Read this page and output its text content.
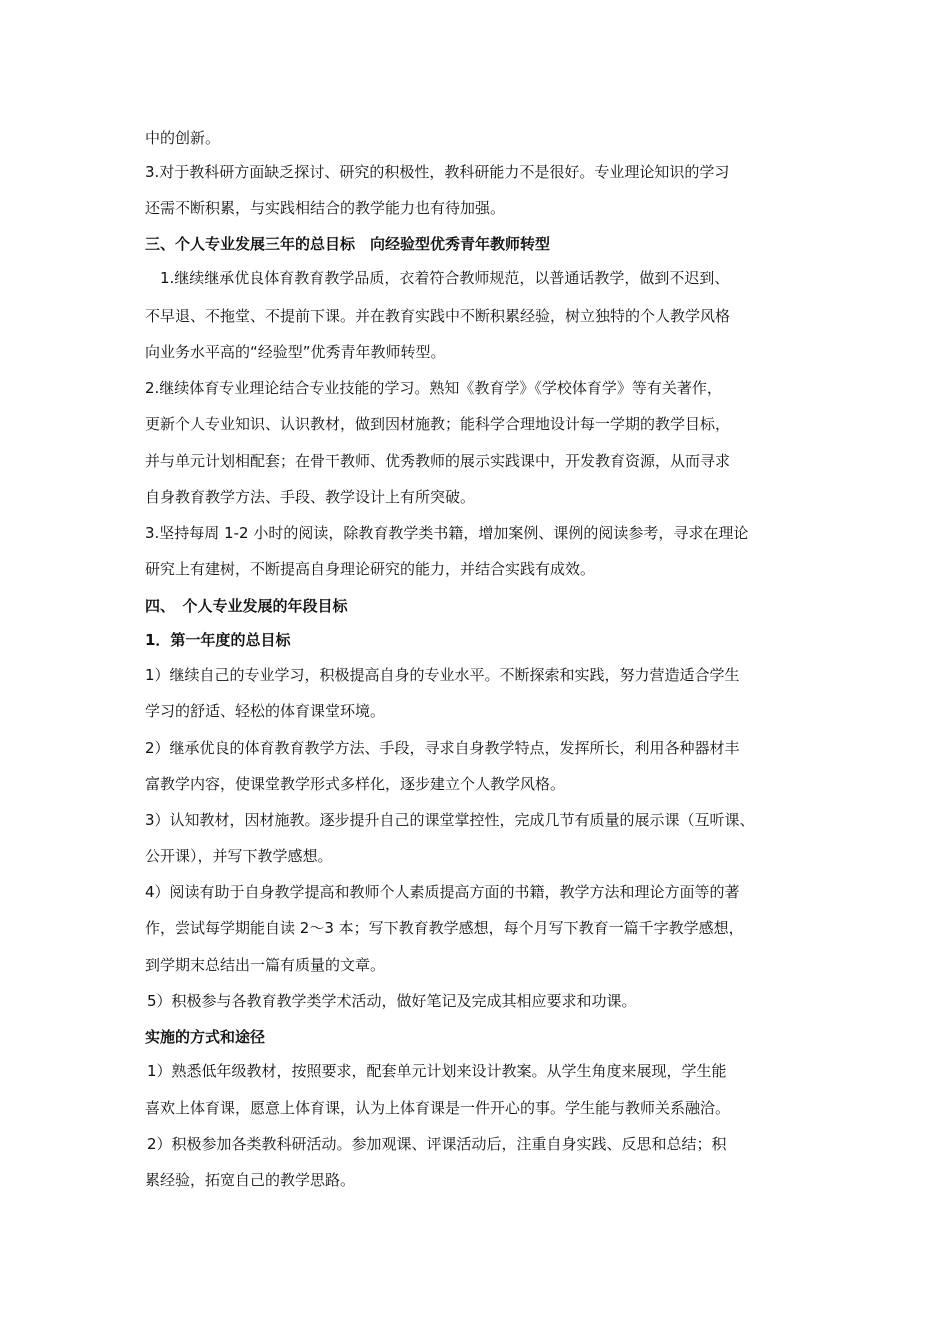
中的创新。
3.对于教科研方面缺乏探讨、研究的积极性，教科研能力不是很好。专业理论知识的学习
还需不断积累，与实践相结合的教学能力也有待加强。
三、个人专业发展三年的总目标　向经验型优秀青年教师转型
1.继续继承优良体育教育教学品质，衣着符合教师规范，以普通话教学，做到不迟到、
不早退、不拖堂、不提前下课。并在教育实践中不断积累经验，树立独特的个人教学风格
向业务水平高的“经验型”优秀青年教师转型。
2.继续体育专业理论结合专业技能的学习。熟知《教育学》《学校体育学》等有关著作，
更新个人专业知识、认识教材，做到因材施教；能科学合理地设计每一学期的教学目标，
并与单元计划相配套；在骨干教师、优秀教师的展示实践课中，开发教育资源，从而寻求
自身教育教学方法、手段、教学设计上有所突破。
3.坚持每周 1-2 小时的阅读，除教育教学类书籍，增加案例、课例的阅读参考，寻求在理论
研究上有建树，不断提高自身理论研究的能力，并结合实践有成效。
四、　个人专业发展的年段目标
1．第一年度的总目标
1）继续自己的专业学习，积极提高自身的专业水平。不断探索和实践，努力营造适合学生
学习的舒适、轻松的体育课堂环境。
2）继承优良的体育教育教学方法、手段，寻求自身教学特点，发挥所长，利用各种器材丰
富教学内容，使课堂教学形式多样化，逐步建立个人教学风格。
3）认知教材，因材施教。逐步提升自己的课堂掌控性，完成几节有质量的展示课（互听课、
公开课），并写下教学感想。
4）阅读有助于自身教学提高和教师个人素质提高方面的书籍，教学方法和理论方面等的著
作，尝试每学期能自读 2～3 本；写下教育教学感想，每个月写下教育一篇千字教学感想，
到学期末总结出一篇有质量的文章。
5）积极参与各教育教学类学术活动，做好笔记及完成其相应要求和功课。
实施的方式和途径
1）熟悉低年级教材，按照要求，配套单元计划来设计教案。从学生角度来展现，学生能
喜欢上体育课，愿意上体育课，认为上体育课是一件开心的事。学生能与教师关系融洽。
2）积极参加各类教科研活动。参加观课、评课活动后，注重自身实践、反思和总结；积
累经验，拓宽自己的教学思路。
